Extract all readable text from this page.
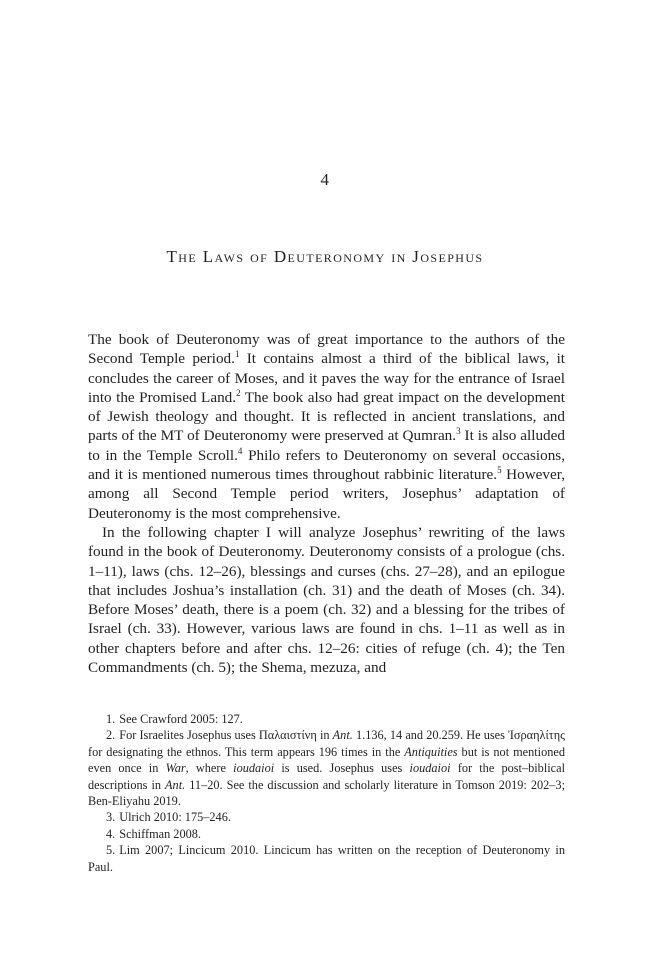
4
The Laws of Deuteronomy in Josephus

The book of Deuteronomy was of great importance to the authors of the Second Temple period.$^1$ It contains almost a third of the biblical laws, it concludes the career of Moses, and it paves the way for the entrance of Israel into the Promised Land.$^2$ The book also had great impact on the development of Jewish theology and thought. It is reflected in ancient translations, and parts of the MT of Deuteronomy were preserved at Qumran.$^3$ It is also alluded to in the Temple Scroll.$^4$ Philo refers to Deuteronomy on several occasions, and it is mentioned numerous times throughout rabbinic literature.$^5$ However, among all Second Temple period writers, Josephus’ adaptation of Deuteronomy is the most comprehensive.

In the following chapter I will analyze Josephus’ rewriting of the laws found in the book of Deuteronomy. Deuteronomy consists of a prologue (chs. 1–11), laws (chs. 12–26), blessings and curses (chs. 27–28), and an epilogue that includes Joshua’s installation (ch. 31) and the death of Moses (ch. 34). Before Moses’ death, there is a poem (ch. 32) and a blessing for the tribes of Israel (ch. 33). However, various laws are found in chs. 1–11 as well as in other chapters before and after chs. 12–26: cities of refuge (ch. 4); the Ten Commandments (ch. 5); the Shema, mezuza, and

1. See Crawford 2005: 127.

2. For Israelites Josephus uses Παλαιστίνη in Ant. 1.136, 14 and 20.259. He uses Ἰσραηλίτης for designating the ethnos. This term appears 196 times in the Antiquities but is not mentioned even once in War, where ioudaioi is used. Josephus uses ioudaioi for the post–biblical descriptions in Ant. 11–20. See the discussion and scholarly literature in Tomson 2019: 202–3; Ben-Eliyahu 2019.

3. Ulrich 2010: 175–246.

4. Schiffman 2008.

5. Lim 2007; Lincicum 2010. Lincicum has written on the reception of Deuteronomy in Paul.
